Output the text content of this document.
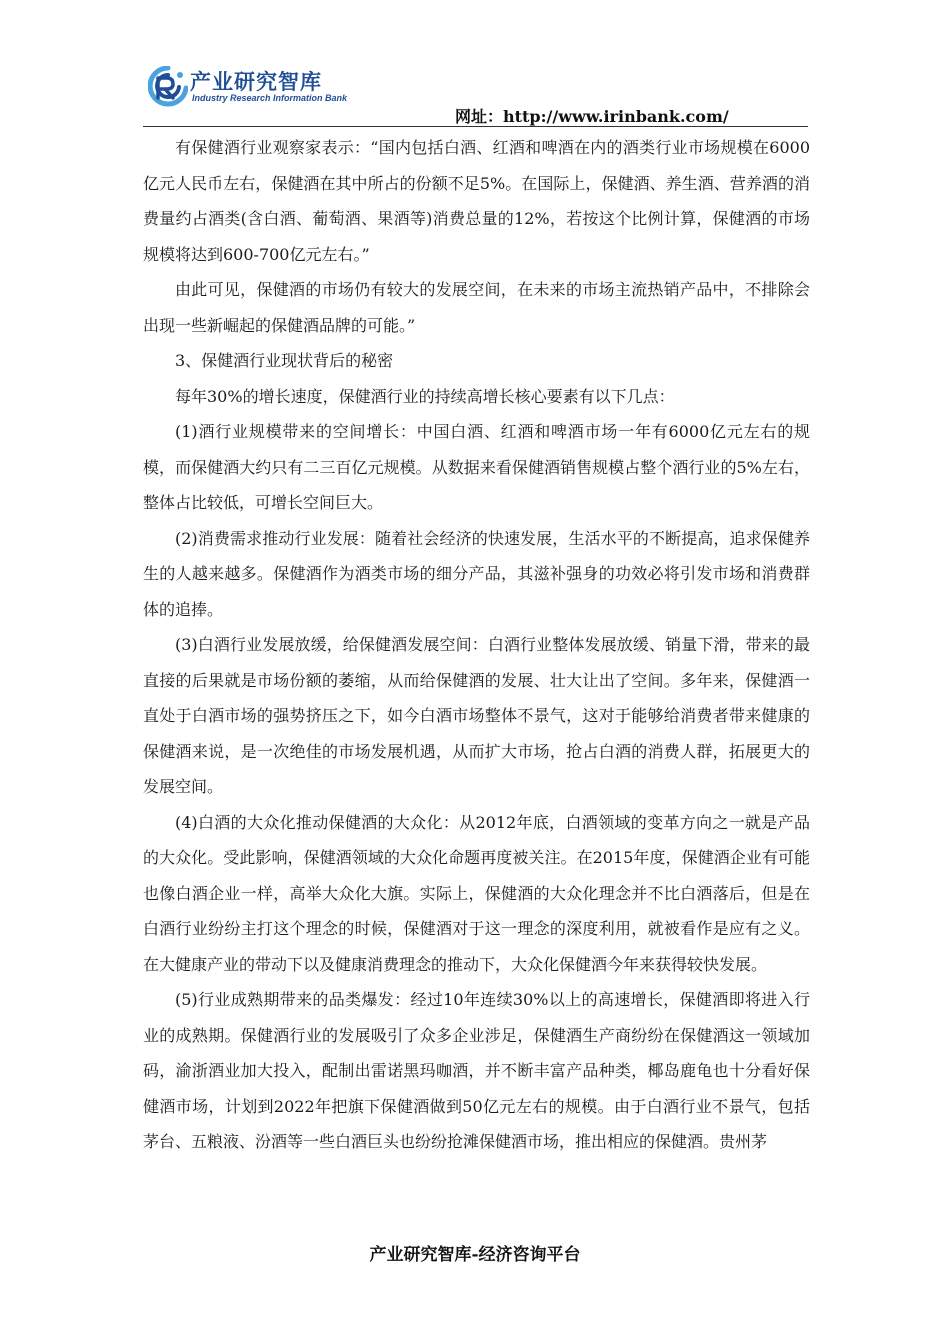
产业研究智库
Industry Research Information Bank
网址：http://www.irinbank.com/

有保健酒行业观察家表示：“国内包括白酒、红酒和啤酒在内的酒类行业市场规模在6000亿元人民币左右，保健酒在其中所占的份额不足5%。在国际上，保健酒、养生酒、营养酒的消费量约占酒类(含白酒、葡萄酒、果酒等)消费总量的12%，若按这个比例计算，保健酒的市场规模将达到600-700亿元左右。”

由此可见，保健酒的市场仍有较大的发展空间，在未来的市场主流热销产品中，不排除会出现一些新崛起的保健酒品牌的可能。”

3、保健酒行业现状背后的秘密

每年30%的增长速度，保健酒行业的持续高增长核心要素有以下几点：

(1)酒行业规模带来的空间增长：中国白酒、红酒和啤酒市场一年有6000亿元左右的规模，而保健酒大约只有二三百亿元规模。从数据来看保健酒销售规模占整个酒行业的5%左右，整体占比较低，可增长空间巨大。

(2)消费需求推动行业发展：随着社会经济的快速发展，生活水平的不断提高，追求保健养生的人越来越多。保健酒作为酒类市场的细分产品，其滋补强身的功效必将引发市场和消费群体的追捧。

(3)白酒行业发展放缓，给保健酒发展空间：白酒行业整体发展放缓、销量下滑，带来的最直接的后果就是市场份额的萎缩，从而给保健酒的发展、壮大让出了空间。多年来，保健酒一直处于白酒市场的强势挤压之下，如今白酒市场整体不景气，这对于能够给消费者带来健康的保健酒来说，是一次绝佳的市场发展机遇，从而扩大市场，抢占白酒的消费人群，拓展更大的发展空间。

(4)白酒的大众化推动保健酒的大众化：从2012年底，白酒领域的变革方向之一就是产品的大众化。受此影响，保健酒领域的大众化命题再度被关注。在2015年度，保健酒企业有可能也像白酒企业一样，高举大众化大旗。实际上，保健酒的大众化理念并不比白酒落后，但是在白酒行业纷纷主打这个理念的时候，保健酒对于这一理念的深度利用，就被看作是应有之义。在大健康产业的带动下以及健康消费理念的推动下，大众化保健酒今年来获得较快发展。

(5)行业成熟期带来的品类爆发：经过10年连续30%以上的高速增长，保健酒即将进入行业的成熟期。保健酒行业的发展吸引了众多企业涉足，保健酒生产商纷纷在保健酒这一领域加码，渝浙酒业加大投入，配制出雷诺黑玛咖酒，并不断丰富产品种类，椰岛鹿龟也十分看好保健酒市场，计划到2022年把旗下保健酒做到50亿元左右的规模。由于白酒行业不景气，包括茅台、五粮液、汾酒等一些白酒巨头也纷纷抢滩保健酒市场，推出相应的保健酒。贵州茅

产业研究智库-经济咨询平台
